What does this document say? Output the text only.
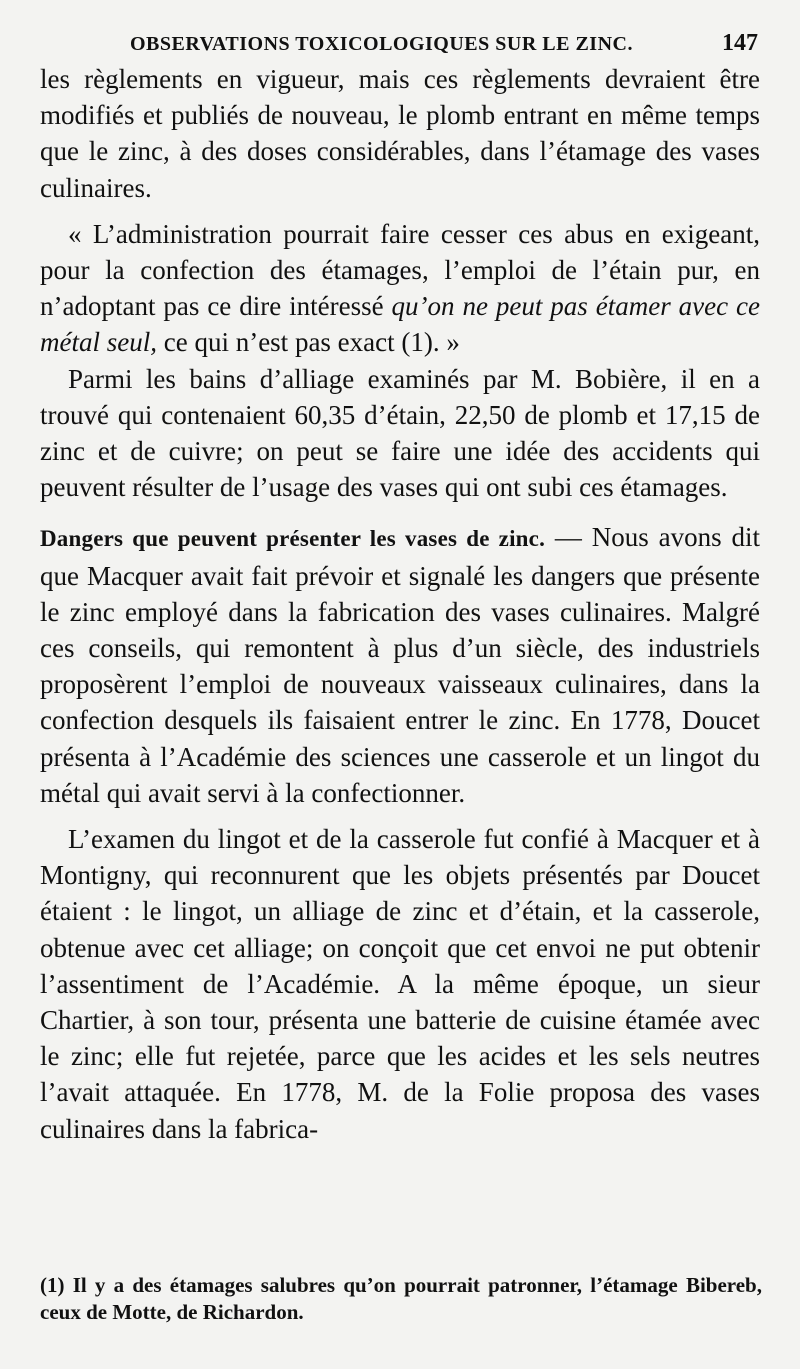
OBSERVATIONS TOXICOLOGIQUES SUR LE ZINC.	147

les règlements en vigueur, mais ces règlements devraient être modifiés et publiés de nouveau, le plomb entrant en même temps que le zinc, à des doses considérables, dans l’étamage des vases culinaires.

« L’administration pourrait faire cesser ces abus en exigeant, pour la confection des étamages, l’emploi de l’étain pur, en n’adoptant pas ce dire intéressé qu’on ne peut pas étamer avec ce métal seul, ce qui n’est pas exact (1). »

Parmi les bains d’alliage examinés par M. Bobière, il en a trouvé qui contenaient 60,35 d’étain, 22,50 de plomb et 17,15 de zinc et de cuivre; on peut se faire une idée des accidents qui peuvent résulter de l’usage des vases qui ont subi ces étamages.

Dangers que peuvent présenter les vases de zinc. — Nous avons dit que Macquer avait fait prévoir et signalé les dangers que présente le zinc employé dans la fabrication des vases culinaires. Malgré ces conseils, qui remontent à plus d’un siècle, des industriels proposèrent l’emploi de nouveaux vaisseaux culinaires, dans la confection desquels ils faisaient entrer le zinc. En 1778, Doucet présenta à l’Académie des sciences une casserole et un lingot du métal qui avait servi à la confectionner.

L’examen du lingot et de la casserole fut confié à Macquer et à Montigny, qui reconnurent que les objets présentés par Doucet étaient : le lingot, un alliage de zinc et d’étain, et la casserole, obtenue avec cet alliage; on conçoit que cet envoi ne put obtenir l’assentiment de l’Académie. A la même époque, un sieur Chartier, à son tour, présenta une batterie de cuisine étamée avec le zinc; elle fut rejetée, parce que les acides et les sels neutres l’avait attaquée. En 1778, M. de la Folie proposa des vases culinaires dans la fabrica-

(1) Il y a des étamages salubres qu’on pourrait patronner, l’étamage Bibereb, ceux de Motte, de Richardon.
